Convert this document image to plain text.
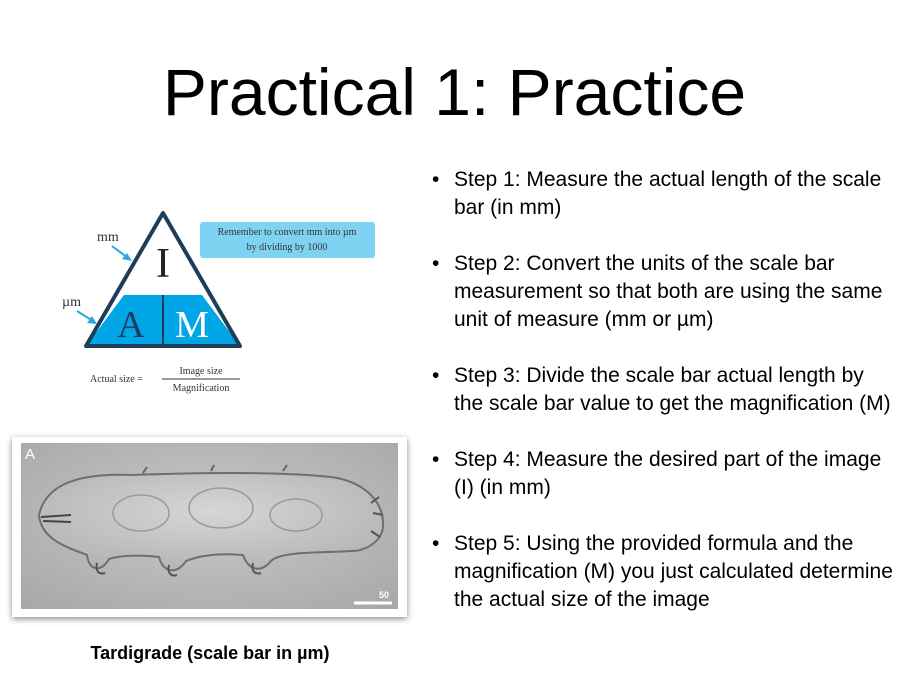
Practical 1: Practice
• Step 1: Measure the actual length of the scale bar (in mm)
• Step 2: Convert the units of the scale bar measurement so that both are using the same unit of measure (mm or µm)
• Step 3: Divide the scale bar actual length by the scale bar value to get the magnification (M)
• Step 4: Measure the desired part of the image (I) (in mm)
• Step 5: Using the provided formula and the magnification (M) you just calculated determine the actual size of the image
I
A M
mm
µm
Remember to convert mm into µm
by dividing by 1000
Actual size =
Image size
Magnification
A
50
Tardigrade (scale bar in µm)
